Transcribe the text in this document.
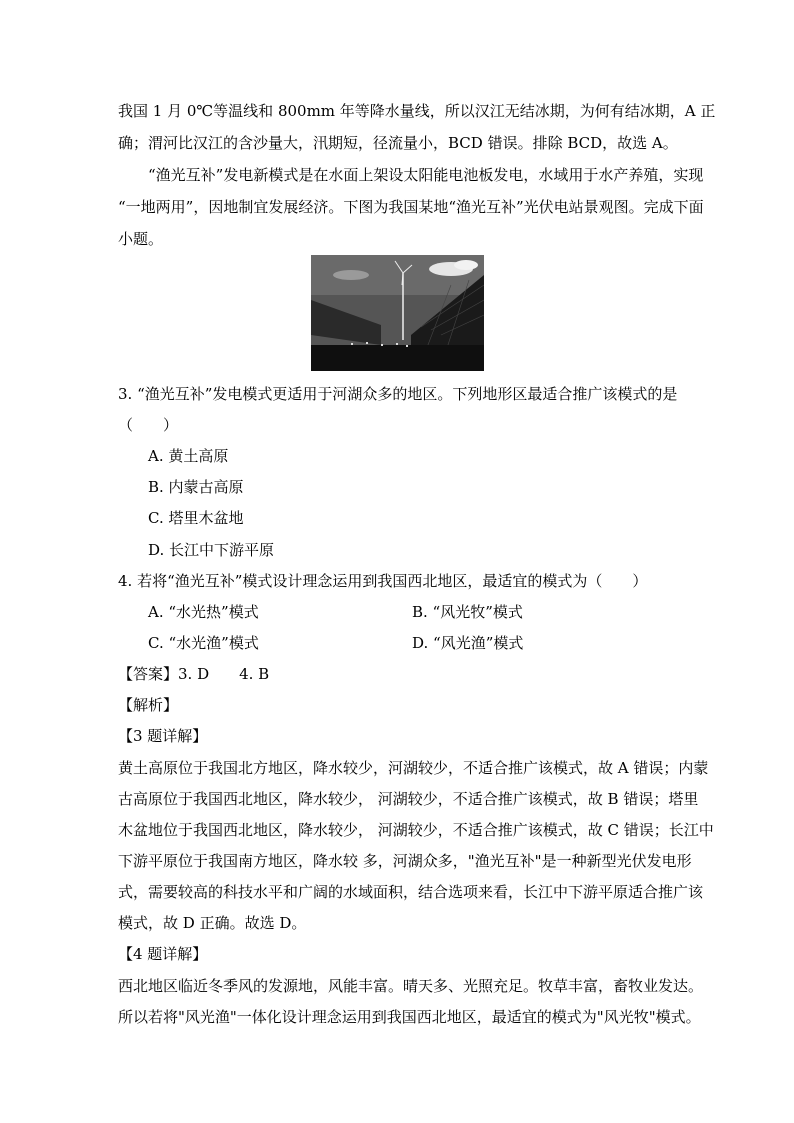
我国 1 月 0℃等温线和 800mm 年等降水量线，所以汉江无结冰期，为何有结冰期，A 正
确；渭河比汉江的含沙量大，汛期短，径流量小，BCD 错误。排除 BCD，故选 A。
“渔光互补”发电新模式是在水面上架设太阳能电池板发电，水域用于水产养殖，实现
“一地两用”，因地制宜发展经济。下图为我国某地“渔光互补”光伏电站景观图。完成下面
小题。
3. “渔光互补”发电模式更适用于河湖众多的地区。下列地形区最适合推广该模式的是
（　　）
A. 黄土高原
B. 内蒙古高原
C. 塔里木盆地
D. 长江中下游平原
4. 若将“渔光互补”模式设计理念运用到我国西北地区，最适宜的模式为（　　）
A. “水光热”模式	B. “风光牧”模式
C. “水光渔”模式	D. “风光渔”模式
【答案】3. D　　4. B
【解析】
【3 题详解】
黄土高原位于我国北方地区，降水较少，河湖较少，不适合推广该模式，故 A 错误；内蒙
古高原位于我国西北地区，降水较少， 河湖较少，不适合推广该模式，故 B 错误；塔里
木盆地位于我国西北地区，降水较少， 河湖较少，不适合推广该模式，故 C 错误；长江中
下游平原位于我国南方地区，降水较 多，河湖众多，"渔光互补"是一种新型光伏发电形
式，需要较高的科技水平和广阔的水域面积，结合选项来看，长江中下游平原适合推广该
模式，故 D 正确。故选 D。
【4 题详解】
西北地区临近冬季风的发源地，风能丰富。晴天多、光照充足。牧草丰富，畜牧业发达。
所以若将"风光渔"一体化设计理念运用到我国西北地区，最适宜的模式为"风光牧"模式。
